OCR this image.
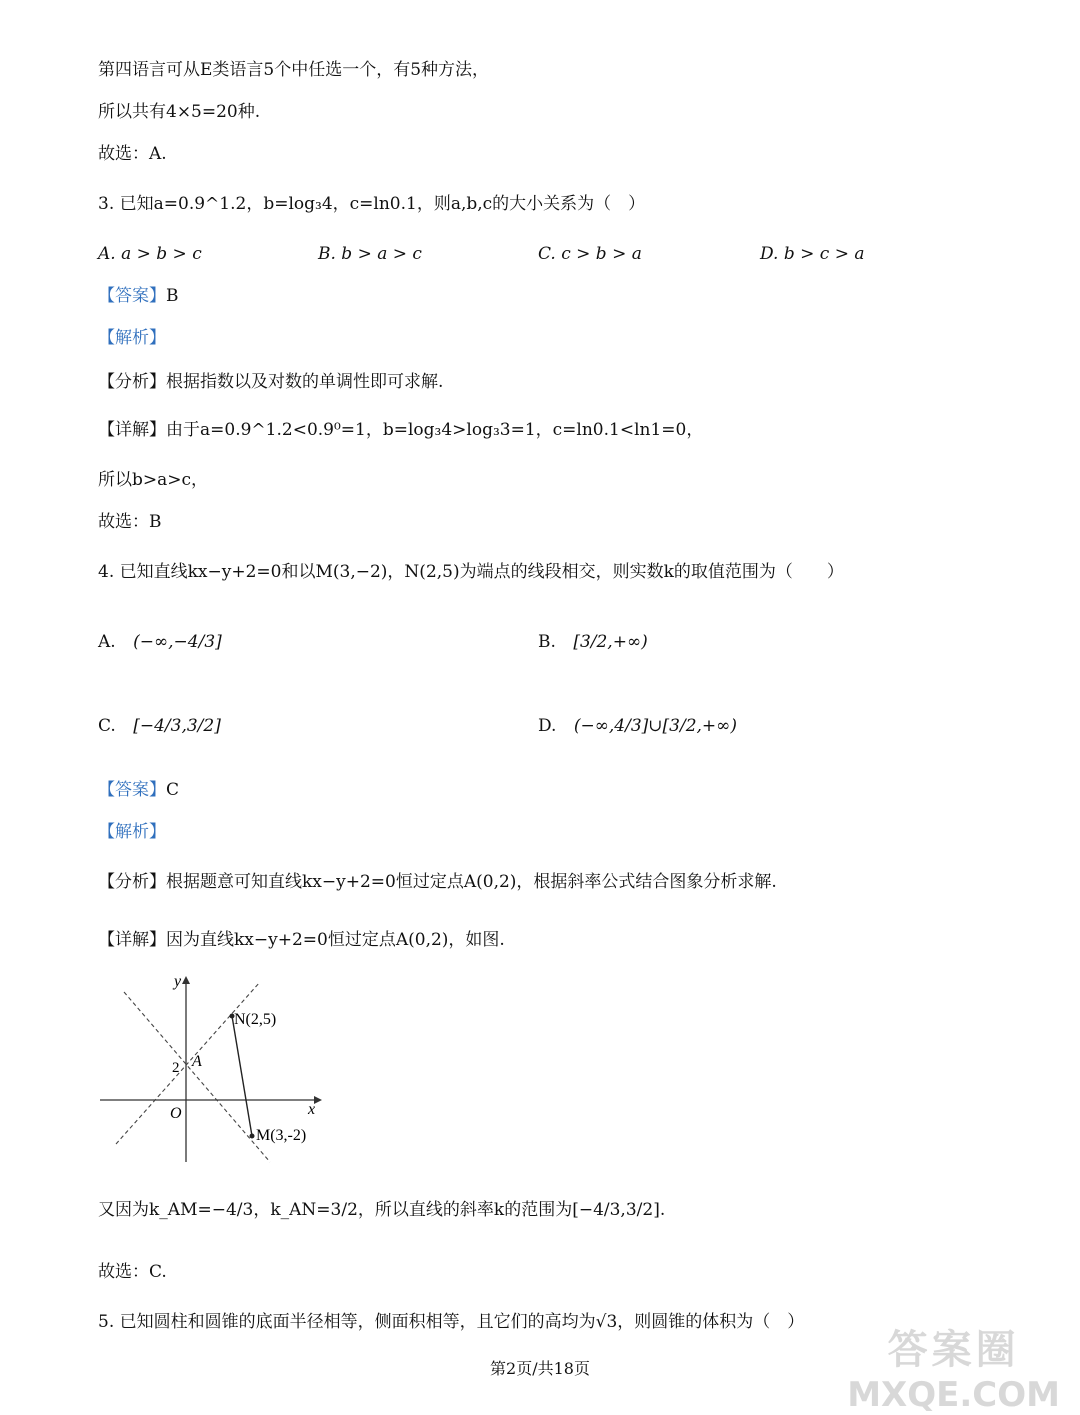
第四语言可从E类语言5个中任选一个，有5种方法，
所以共有4×5=20种.
故选：A.
3. 已知a=0.9^1.2，b=log₃4，c=ln0.1，则a,b,c的大小关系为（　）
A. a > b > c	B. b > a > c	C. c > b > a	D. b > c > a
【答案】B
【解析】
【分析】根据指数以及对数的单调性即可求解.
【详解】由于a=0.9^1.2<0.9⁰=1，b=log₃4>log₃3=1，c=ln0.1<ln1=0，
所以b>a>c，
故选：B
4. 已知直线kx−y+2=0和以M(3,−2)，N(2,5)为端点的线段相交，则实数k的取值范围为（　　）
A. (−∞,−4/3]	B. [3/2,+∞)
C. [−4/3,3/2]	D. (−∞,4/3]∪[3/2,+∞)
【答案】C
【解析】
【分析】根据题意可知直线kx−y+2=0恒过定点A(0,2)，根据斜率公式结合图象分析求解.
【详解】因为直线kx−y+2=0恒过定点A(0,2)，如图.
y
x
O
2 A
N(2,5)
M(3,-2)
又因为k_AM=−4/3，k_AN=3/2，所以直线的斜率k的范围为[−4/3,3/2].
故选：C.
5. 已知圆柱和圆锥的底面半径相等，侧面积相等，且它们的高均为√3，则圆锥的体积为（　）
第2页/共18页	答案圈
MXQE.COM
